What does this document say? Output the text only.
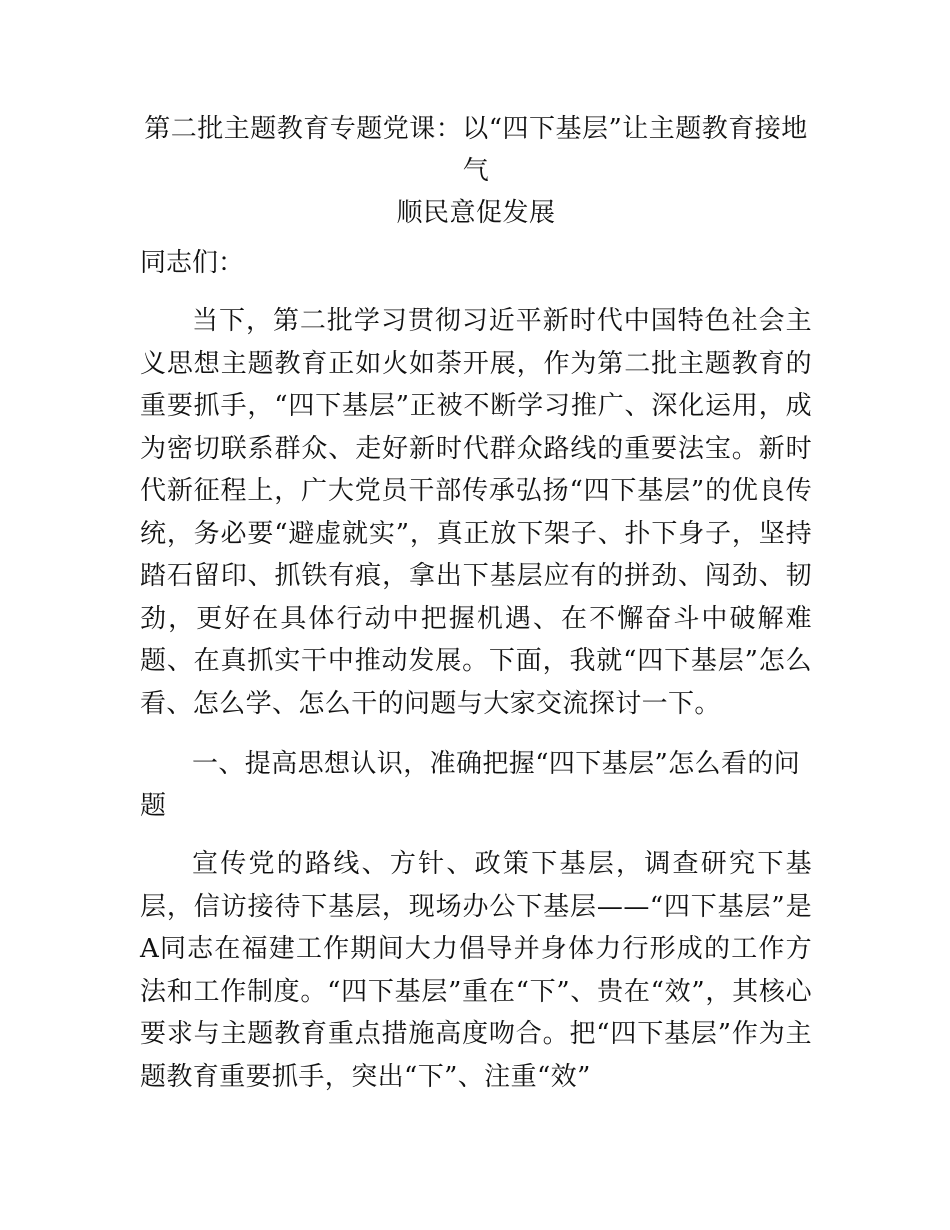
第二批主题教育专题党课：以“四下基层”让主题教育接地气
顺民意促发展

同志们：

当下，第二批学习贯彻习近平新时代中国特色社会主义思想主题教育正如火如荼开展，作为第二批主题教育的重要抓手，“四下基层”正被不断学习推广、深化运用，成为密切联系群众、走好新时代群众路线的重要法宝。新时代新征程上，广大党员干部传承弘扬“四下基层”的优良传统，务必要“避虚就实”，真正放下架子、扑下身子，坚持踏石留印、抓铁有痕，拿出下基层应有的拼劲、闯劲、韧劲，更好在具体行动中把握机遇、在不懈奋斗中破解难题、在真抓实干中推动发展。下面，我就“四下基层”怎么看、怎么学、怎么干的问题与大家交流探讨一下。

一、提高思想认识，准确把握“四下基层”怎么看的问题

宣传党的路线、方针、政策下基层，调查研究下基层，信访接待下基层，现场办公下基层——“四下基层”是A同志在福建工作期间大力倡导并身体力行形成的工作方法和工作制度。“四下基层”重在“下”、贵在“效”，其核心要求与主题教育重点措施高度吻合。把“四下基层”作为主题教育重要抓手，突出“下”、注重“效”
